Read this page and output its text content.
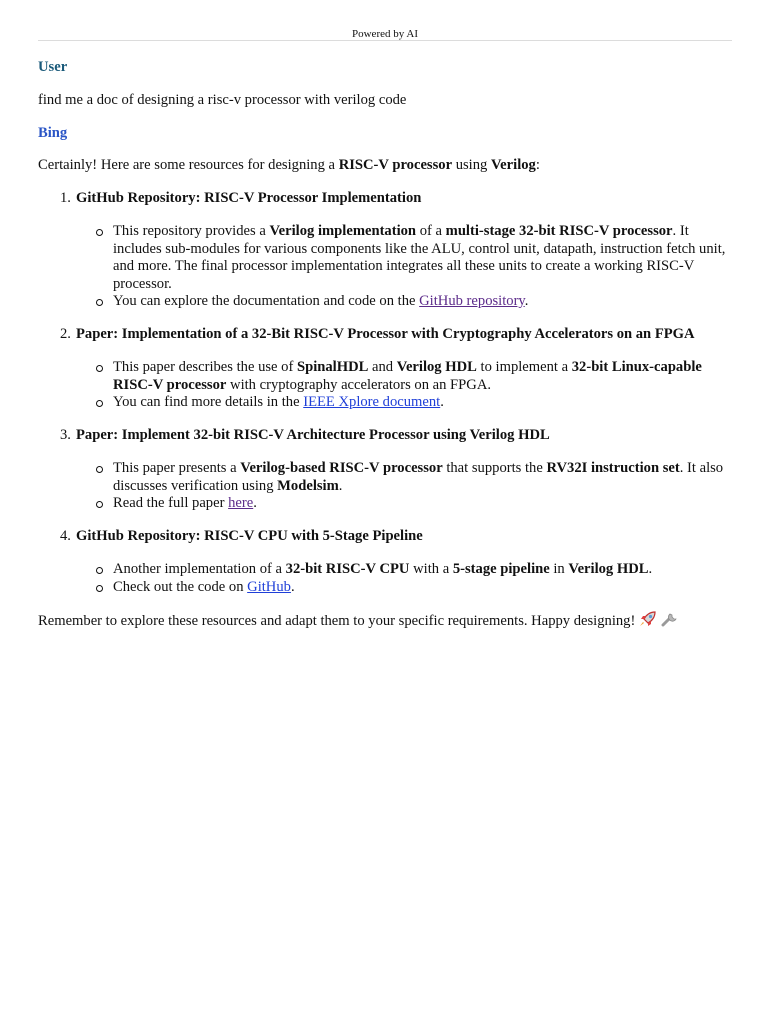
Powered by AI

User

find me a doc of designing a risc-v processor with verilog code

Bing

Certainly! Here are some resources for designing a RISC-V processor using Verilog:

1. GitHub Repository: RISC-V Processor Implementation

This repository provides a Verilog implementation of a multi-stage 32-bit RISC-V processor. It includes sub-modules for various components like the ALU, control unit, datapath, instruction fetch unit, and more. The final processor implementation integrates all these units to create a working RISC-V processor.
You can explore the documentation and code on the GitHub repository.
2. Paper: Implementation of a 32-Bit RISC-V Processor with Cryptography Accelerators on an FPGA

This paper describes the use of SpinalHDL and Verilog HDL to implement a 32-bit Linux-capable RISC-V processor with cryptography accelerators on an FPGA.
You can find more details in the IEEE Xplore document.
3. Paper: Implement 32-bit RISC-V Architecture Processor using Verilog HDL

This paper presents a Verilog-based RISC-V processor that supports the RV32I instruction set. It also discusses verification using Modelsim.
Read the full paper here.
4. GitHub Repository: RISC-V CPU with 5-Stage Pipeline

Another implementation of a 32-bit RISC-V CPU with a 5-stage pipeline in Verilog HDL.
Check out the code on GitHub.

Remember to explore these resources and adapt them to your specific requirements. Happy designing!
